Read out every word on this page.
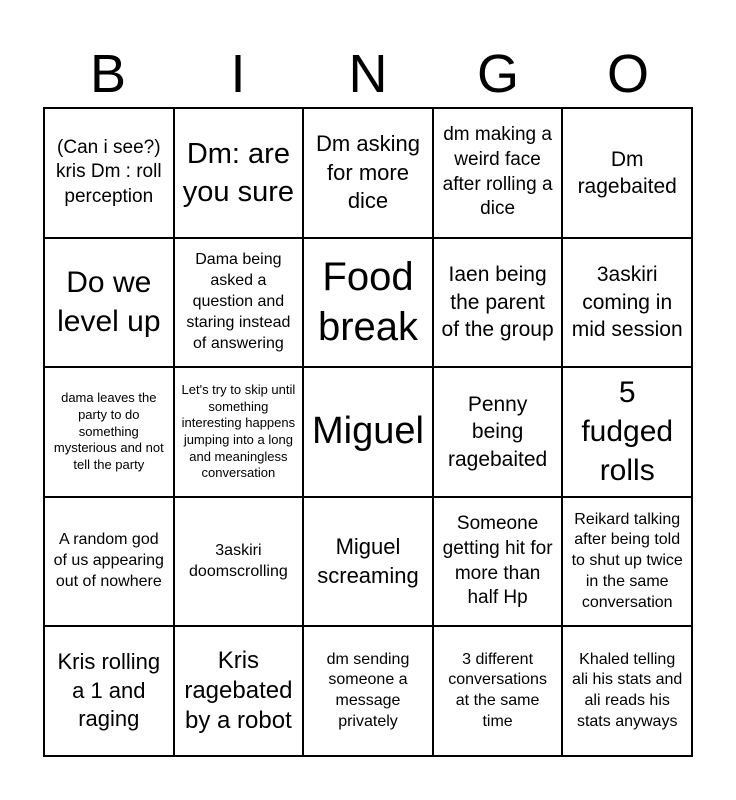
B	I	N	G	O
(Can i see?) kris Dm : roll perception
Dm: are you sure
Dm asking for more dice
dm making a weird face after rolling a dice
Dm ragebaited
Do we level up
Dama being asked a question and staring instead of answering
Food break
Iaen being the parent of the group
3askiri coming in mid session
dama leaves the party to do something mysterious and not tell the party
Let's try to skip until something interesting happens jumping into a long and meaningless conversation
Miguel
Penny being ragebaited
5 fudged rolls
A random god of us appearing out of nowhere
3askiri doomscrolling
Miguel screaming
Someone getting hit for more than half Hp
Reikard talking after being told to shut up twice in the same conversation
Kris rolling a 1 and raging
Kris ragebated by a robot
dm sending someone a message privately
3 different conversations at the same time
Khaled telling ali his stats and ali reads his stats anyways
